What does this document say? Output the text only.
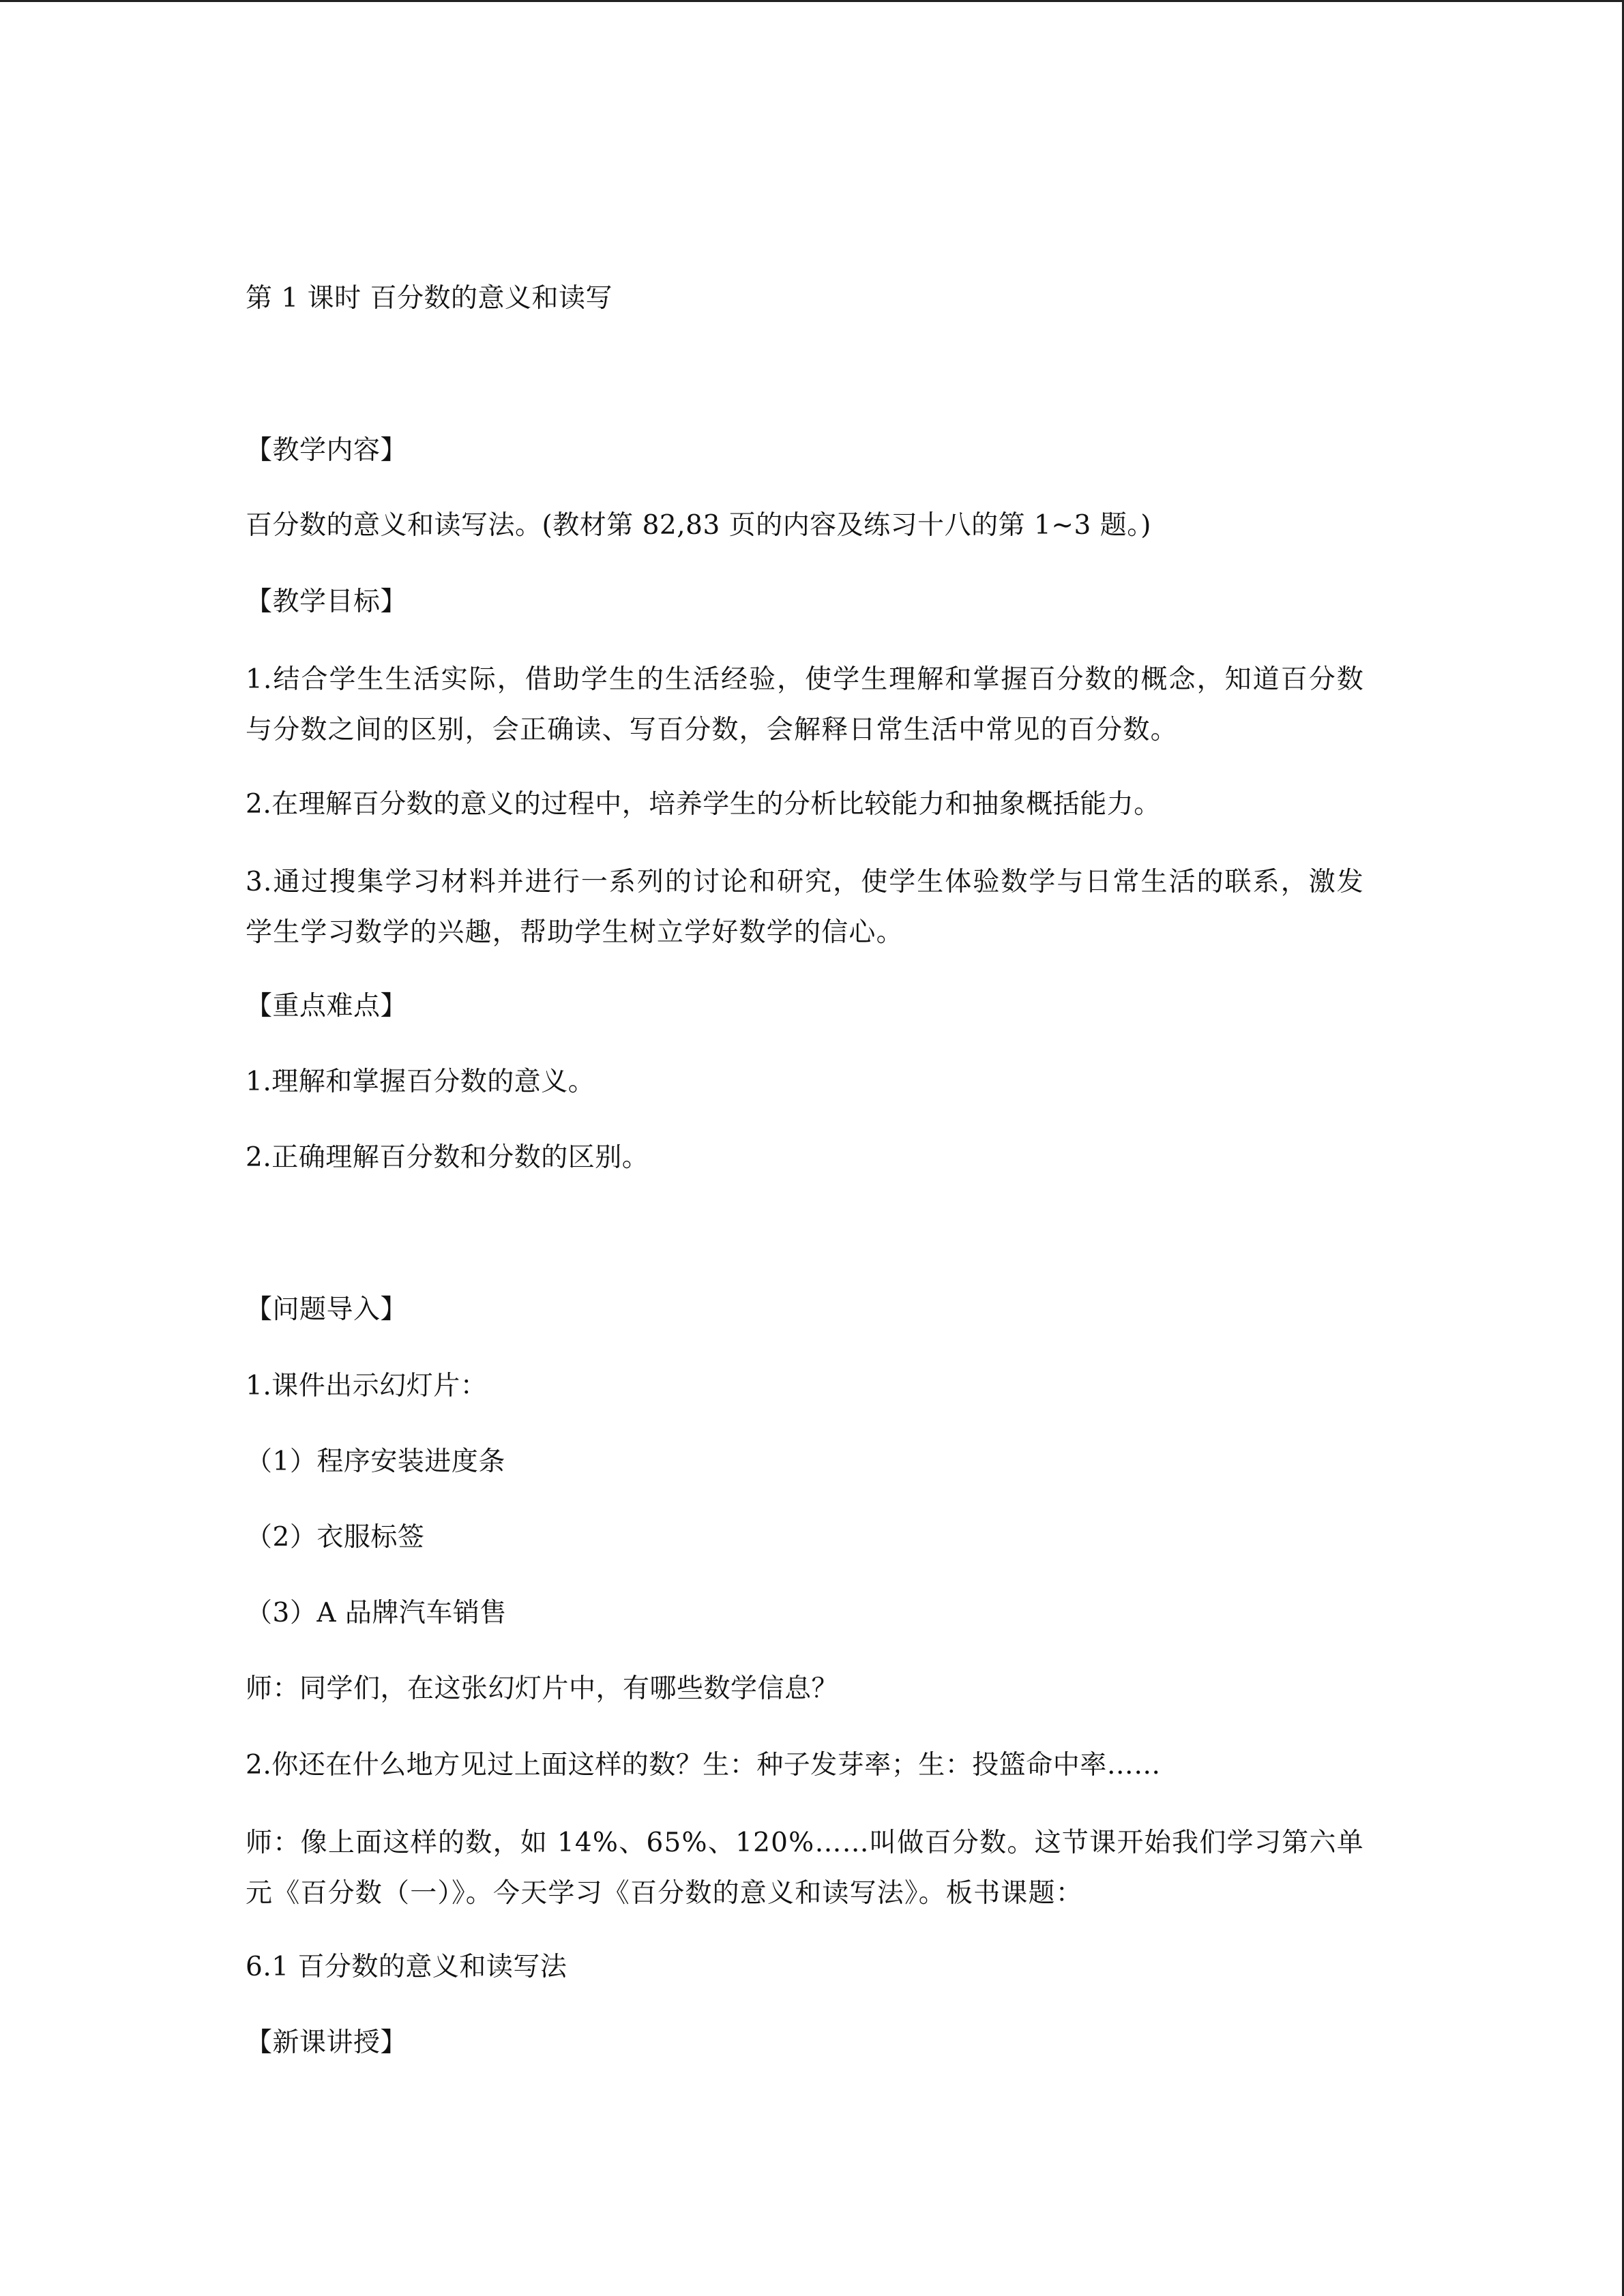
第 1 课时 百分数的意义和读写
【教学内容】
百分数的意义和读写法。(教材第 82,83 页的内容及练习十八的第 1~3 题。)
【教学目标】
1.结合学生生活实际，借助学生的生活经验，使学生理解和掌握百分数的概念，知道百分数与分数之间的区别，会正确读、写百分数，会解释日常生活中常见的百分数。
2.在理解百分数的意义的过程中，培养学生的分析比较能力和抽象概括能力。
3.通过搜集学习材料并进行一系列的讨论和研究，使学生体验数学与日常生活的联系，激发学生学习数学的兴趣，帮助学生树立学好数学的信心。
【重点难点】
1.理解和掌握百分数的意义。
2.正确理解百分数和分数的区别。
【问题导入】
1.课件出示幻灯片：
（1）程序安装进度条
（2）衣服标签
（3）A 品牌汽车销售
师：同学们，在这张幻灯片中，有哪些数学信息？
2.你还在什么地方见过上面这样的数？生：种子发芽率；生：投篮命中率……
师：像上面这样的数，如 14%、65%、120%……叫做百分数。这节课开始我们学习第六单元《百分数（一）》。今天学习《百分数的意义和读写法》。板书课题：
6.1 百分数的意义和读写法
【新课讲授】
